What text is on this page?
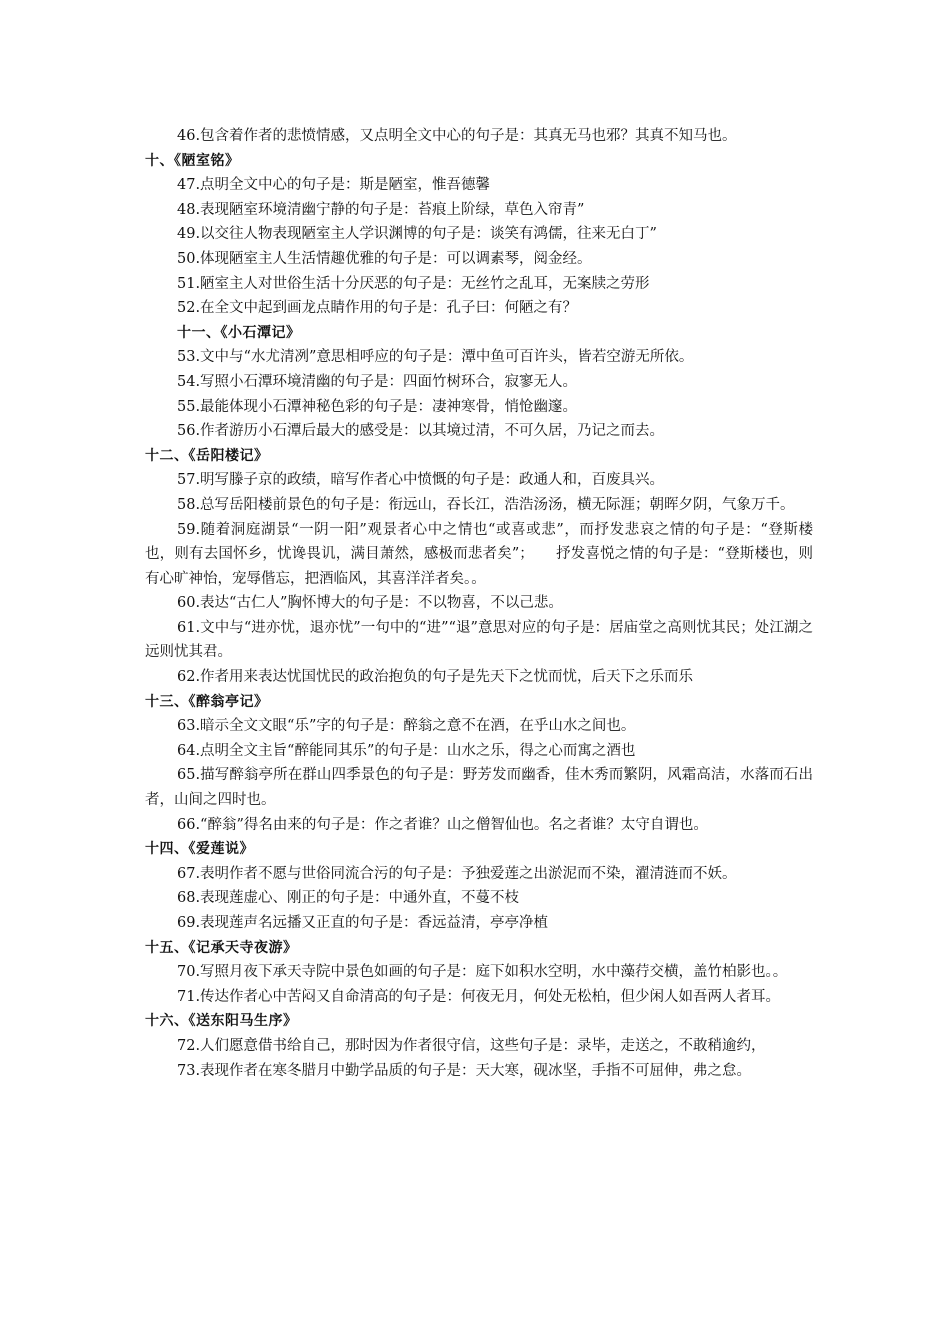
46.包含着作者的悲愤情感，又点明全文中心的句子是：其真无马也邪？其真不知马也。

十、《陋室铭》

47.点明全文中心的句子是：斯是陋室，惟吾德馨

48.表现陋室环境清幽宁静的句子是：苔痕上阶绿，草色入帘青”

49.以交往人物表现陋室主人学识渊博的句子是：谈笑有鸿儒，往来无白丁”

50.体现陋室主人生活情趣优雅的句子是：可以调素琴，阅金经。

51.陋室主人对世俗生活十分厌恶的句子是：无丝竹之乱耳，无案牍之劳形

52.在全文中起到画龙点睛作用的句子是：孔子曰：何陋之有？

十一、《小石潭记》

53.文中与“水尤清冽”意思相呼应的句子是：潭中鱼可百许头，皆若空游无所依。

54.写照小石潭环境清幽的句子是：四面竹树环合，寂寥无人。

55.最能体现小石潭神秘色彩的句子是：凄神寒骨，悄怆幽邃。

56.作者游历小石潭后最大的感受是：以其境过清，不可久居，乃记之而去。

十二、《岳阳楼记》

57.明写滕子京的政绩，暗写作者心中愤慨的句子是：政通人和，百废具兴。

58.总写岳阳楼前景色的句子是：衔远山，吞长江，浩浩汤汤，横无际涯；朝晖夕阴，气象万千。

59.随着洞庭湖景“一阴一阳”观景者心中之情也“或喜或悲”，而抒发悲哀之情的句子是：“登斯楼也，则有去国怀乡，忧谗畏讥，满目萧然，感极而悲者矣”；　　抒发喜悦之情的句子是：“登斯楼也，则有心旷神怡，宠辱偕忘，把酒临风，其喜洋洋者矣。。

60.表达“古仁人”胸怀博大的句子是：不以物喜，不以己悲。

61.文中与“进亦忧，退亦忧”一句中的“进”“退”意思对应的句子是：居庙堂之高则忧其民；处江湖之远则忧其君。

62.作者用来表达忧国忧民的政治抱负的句子是先天下之忧而忧，后天下之乐而乐

十三、《醉翁亭记》

63.暗示全文文眼“乐”字的句子是：醉翁之意不在酒，在乎山水之间也。

64.点明全文主旨“醉能同其乐”的句子是：山水之乐，得之心而寓之酒也

65.描写醉翁亭所在群山四季景色的句子是：野芳发而幽香，佳木秀而繁阴，风霜高洁，水落而石出者，山间之四时也。

66.“醉翁”得名由来的句子是：作之者谁？山之僧智仙也。名之者谁？太守自谓也。

十四、《爱莲说》

67.表明作者不愿与世俗同流合污的句子是：予独爱莲之出淤泥而不染，濯清涟而不妖。

68.表现莲虚心、刚正的句子是：中通外直，不蔓不枝

69.表现莲声名远播又正直的句子是：香远益清，亭亭净植

十五、《记承天寺夜游》

70.写照月夜下承天寺院中景色如画的句子是：庭下如积水空明，水中藻荇交横，盖竹柏影也。。

71.传达作者心中苦闷又自命清高的句子是：何夜无月，何处无松柏，但少闲人如吾两人者耳。

十六、《送东阳马生序》

72.人们愿意借书给自己，那时因为作者很守信，这些句子是：录毕，走送之，不敢稍逾约，

73.表现作者在寒冬腊月中勤学品质的句子是：天大寒，砚冰坚，手指不可屈伸，弗之怠。
